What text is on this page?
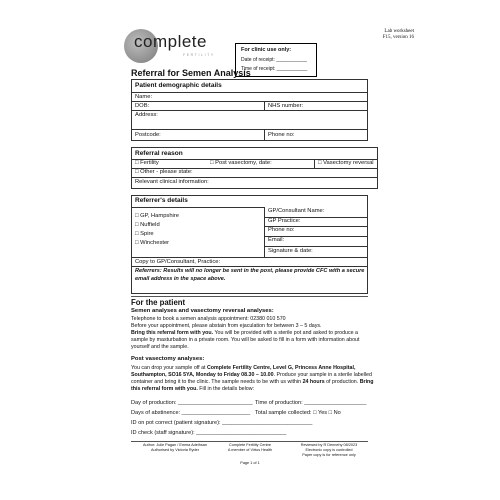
complete
FERTILITY
For clinic use only:
Date of receipt: ___________
Time of receipt: ___________
Lab worksheet
F15, version 16
Referral for Semen Analysis
Patient demographic details
Name:
DOB:	NHS number:
Address:
Postcode:	Phone no:
Referral reason
□ Fertility	□ Post vasectomy, date:	□ Vasectomy reversal
□ Other - please state:
Relevant clinical information:
Referrer's details
□ GP, Hampshire
□ Nuffield
□ Spire
□ Winchester
GP/Consultant Name:
GP Practice:
Phone no:
Email:
Signature & date:
Copy to GP/Consultant, Practice:
Referrers: Results will no longer be sent in the post, please provide CFC with a secure
email address in the space above.
For the patient
Semen analyses and vasectomy reversal analyses:
Telephone to book a semen analysis appointment: 02380 010 570
Before your appointment, please abstain from ejaculation for between 3 – 5 days.
Bring this referral form with you. You will be provided with a sterile pot and asked to produce a
sample by masturbation in a private room. You will be asked to fill in a form with information about
yourself and the sample.
Post vasectomy analyses:
You can drop your sample off at Complete Fertility Centre, Level G, Princess Anne Hospital,
Southampton, SO16 5YA, Monday to Friday 08.30 – 10.00. Produce your sample in a sterile labelled
container and bring it to the clinic. The sample needs to be with us within 24 hours of production. Bring
this referral form with you. Fill in the details below:
Day of production: ________________________ Time of production: ____________________
Days of abstinence: ______________________ Total sample collected: □ Yes □ No
ID on pot correct (patient signature): _____________________________
ID check (staff signature): _____________________________
Author: Julie Pagan / Emma Adelhsan
Authorised by Victoria Ryder
Complete Fertility Centre
A member of Virtus Health
Reviewed by R Dennehy 08/2023
Electronic copy is controlled
Paper copy is for reference only
Page 1 of 1
